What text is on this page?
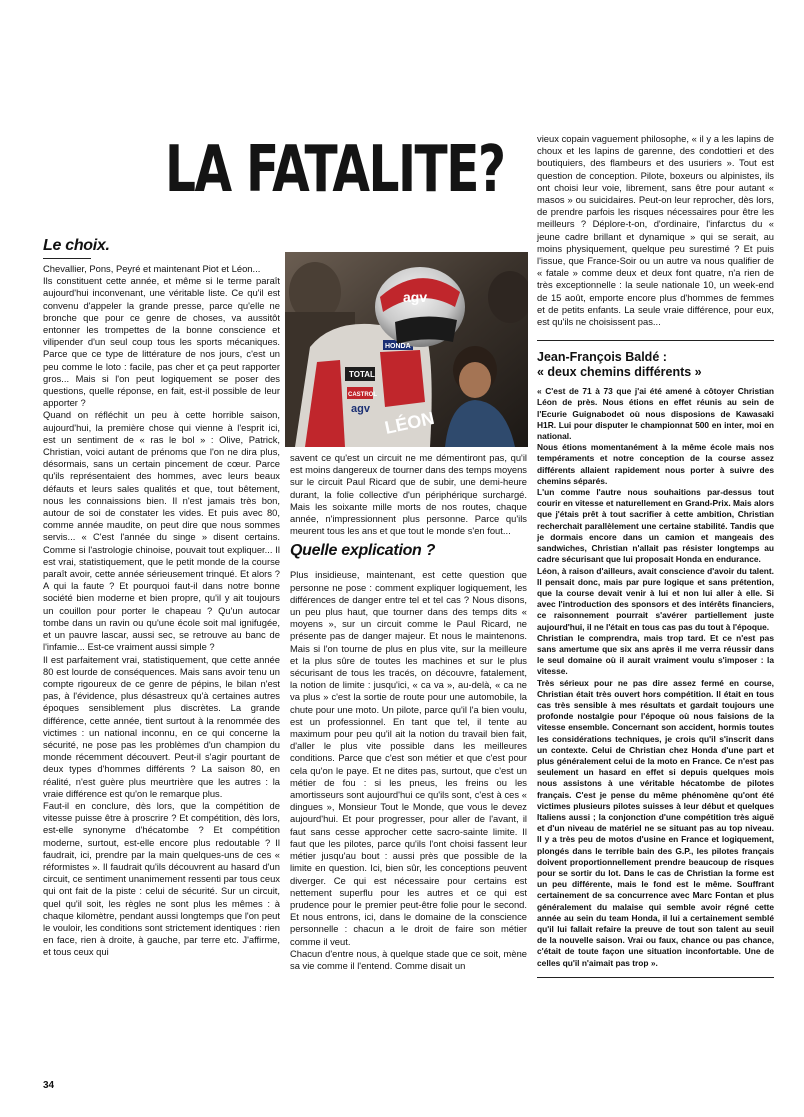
LA FATALITE?
Le choix.

Chevallier, Pons, Peyré et maintenant Piot et Léon...

Ils constituent cette année, et même si le terme paraît aujourd'hui inconvenant, une véritable liste. Ce qu'il est convenu d'appeler la grande presse, parce qu'elle ne bronche que pour ce genre de choses, va aussitôt entonner les trompettes de la bonne conscience et vilipender d'un seul coup tous les sports mécaniques. Parce que ce type de littérature de nos jours, c'est un peu comme le loto : facile, pas cher et ça peut rapporter gros... Mais si l'on peut logiquement se poser des questions, quelle réponse, en fait, est-il possible de leur apporter ?

Quand on réfléchit un peu à cette horrible saison, aujourd'hui, la première chose qui vienne à l'esprit ici, est un sentiment de « ras le bol » : Olive, Patrick, Christian, voici autant de prénoms que l'on ne dira plus, désormais, sans un certain pincement de cœur. Parce qu'ils représentaient des hommes, avec leurs beaux défauts et leurs sales qualités et que, tout bêtement, nous les connaissions bien. Il n'est jamais très bon, autour de soi de constater les vides. Et puis avec 80, comme année maudite, on peut dire que nous sommes servis... « C'est l'année du singe » disent certains. Comme si l'astrologie chinoise, pouvait tout expliquer... Il est vrai, statistiquement, que le petit monde de la course paraît avoir, cette année sérieusement trinqué. Et alors ? A qui la faute ? Et pourquoi faut-il dans notre bonne société bien moderne et bien propre, qu'il y ait toujours un couillon pour porter le chapeau ? Qu'un autocar tombe dans un ravin ou qu'une école soit mal ignifugée, et un pauvre lascar, aussi sec, se retrouve au banc de l'infamie... Est-ce vraiment aussi simple ?

Il est parfaitement vrai, statistiquement, que cette année 80 est lourde de conséquences. Mais sans avoir tenu un compte rigoureux de ce genre de pépins, le bilan n'est pas, à l'évidence, plus désastreux qu'à certaines autres époques sensiblement plus discrètes. La grande différence, cette année, tient surtout à la renommée des victimes : un national inconnu, en ce qui concerne la sécurité, ne pose pas les problèmes d'un champion du monde récemment découvert. Peut-il s'agir pourtant de deux types d'hommes différents ? La saison 80, en réalité, n'est guère plus meurtrière que les autres : la vraie différence est qu'on le remarque plus.

Faut-il en conclure, dès lors, que la compétition de vitesse puisse être à proscrire ? Et compétition, dès lors, est-elle synonyme d'hécatombe ? Et compétition moderne, surtout, est-elle encore plus redoutable ? Il faudrait, ici, prendre par la main quelques-uns de ces « réformistes ». Il faudrait qu'ils découvrent au hasard d'un circuit, ce sentiment unanimement ressenti par tous ceux qui ont fait de la piste : celui de sécurité. Sur un circuit, quel qu'il soit, les règles ne sont plus les mêmes : à chaque kilomètre, pendant aussi longtemps que l'on peut le vouloir, les conditions sont strictement identiques : rien en face, rien à droite, à gauche, par terre etc. J'affirme, et tous ceux qui

agv
TOTAL
HONDA
CASTROL
agv LÉON

savent ce qu'est un circuit ne me démentiront pas, qu'il est moins dangereux de tourner dans des temps moyens sur le circuit Paul Ricard que de subir, une demi-heure durant, la folie collective d'un périphérique surchargé. Mais les soixante mille morts de nos routes, chaque année, n'impressionnent plus personne. Parce qu'ils meurent tous les ans et que tout le monde s'en fout...

Quelle explication ?

Plus insidieuse, maintenant, est cette question que personne ne pose : comment expliquer logiquement, les différences de danger entre tel et tel cas ? Nous disons, un peu plus haut, que tourner dans des temps dits « moyens », sur un circuit comme le Paul Ricard, ne présente pas de danger majeur. Et nous le maintenons. Mais si l'on tourne de plus en plus vite, sur la meilleure et la plus sûre de toutes les machines et sur le plus sécurisant de tous les tracés, on découvre, fatalement, la notion de limite : jusqu'ici, « ca va », au-delà, « ca ne va plus » c'est la sortie de route pour une automobile, la chute pour une moto. Un pilote, parce qu'il l'a bien voulu, est un professionnel. En tant que tel, il tente au maximum pour peu qu'il ait la notion du travail bien fait, d'aller le plus vite possible dans les meilleures conditions. Parce que c'est son métier et que c'est pour cela qu'on le paye. Et ne dites pas, surtout, que c'est un métier de fou : si les pneus, les freins ou les amortisseurs sont aujourd'hui ce qu'ils sont, c'est à ces « dingues », Monsieur Tout le Monde, que vous le devez aujourd'hui. Et pour progresser, pour aller de l'avant, il faut sans cesse approcher cette sacro-sainte limite. Il faut que les pilotes, parce qu'ils l'ont choisi fassent leur métier jusqu'au bout : aussi près que possible de la limite en question. Ici, bien sûr, les conceptions peuvent diverger. Ce qui est nécessaire pour certains est nettement superflu pour les autres et ce qui est prudence pour le premier peut-être folie pour le second. Et nous entrons, ici, dans le domaine de la conscience personnelle : chacun a le droit de faire son métier comme il veut.

Chacun d'entre nous, à quelque stade que ce soit, mène sa vie comme il l'entend. Comme disait un

vieux copain vaguement philosophe, « il y a les lapins de choux et les lapins de garenne, des condottieri et des boutiquiers, des flambeurs et des usuriers ». Tout est question de conception. Pilote, boxeurs ou alpinistes, ils ont choisi leur voie, librement, sans être pour autant « masos » ou suicidaires. Peut-on leur reprocher, dès lors, de prendre parfois les risques nécessaires pour être les meilleurs ? Déplore-t-on, d'ordinaire, l'infarctus du « jeune cadre brillant et dynamique » qui se serait, au moins physiquement, quelque peu surestimé ? Et puis l'issue, que France-Soir ou un autre va nous qualifier de « fatale » comme deux et deux font quatre, n'a rien de très exceptionnelle : la seule nationale 10, un week-end de 15 août, emporte encore plus d'hommes de femmes et de petits enfants. La seule vraie différence, pour eux, est qu'ils ne choisissent pas...

Jean-François Baldé :
« deux chemins différents »

« C'est de 71 à 73 que j'ai été amené à côtoyer Christian Léon de près. Nous étions en effet réunis au sein de l'Ecurie Guignabodet où nous disposions de Kawasaki H1R. Lui pour disputer le championnat 500 en inter, moi en national.

Nous étions momentanément à la même école mais nos tempéraments et notre conception de la course assez différents allaient rapidement nous porter à suivre des chemins séparés.

L'un comme l'autre nous souhaitions par-dessus tout courir en vitesse et naturellement en Grand-Prix. Mais alors que j'étais prêt à tout sacrifier à cette ambition, Christian recherchait parallèlement une certaine stabilité. Tandis que je dormais encore dans un camion et mangeais des sandwiches, Christian n'allait pas résister longtemps au cadre sécurisant que lui proposait Honda en endurance.

Léon, à raison d'ailleurs, avait conscience d'avoir du talent. Il pensait donc, mais par pure logique et sans prétention, que la course devait venir à lui et non lui aller à elle. Si avec l'introduction des sponsors et des intérêts financiers, ce raisonnement pourrait s'avérer partiellement juste aujourd'hui, il ne l'était en tous cas pas du tout à l'époque.

Christian le comprendra, mais trop tard. Et ce n'est pas sans amertume que six ans après il me verra réussir dans le seul domaine où il aurait vraiment voulu s'imposer : la vitesse.

Très sérieux pour ne pas dire assez fermé en course, Christian était très ouvert hors compétition. Il était en tous cas très sensible à mes résultats et gardait toujours une profonde nostalgie pour l'époque où nous faisions de la vitesse ensemble. Concernant son accident, hormis toutes les considérations techniques, je crois qu'il s'inscrit dans un contexte. Celui de Christian chez Honda d'une part et plus généralement celui de la moto en France. Ce n'est pas seulement un hasard en effet si depuis quelques mois nous assistons à une véritable hécatombe de pilotes français. C'est je pense du même phénomène qu'ont été victimes plusieurs pilotes suisses à leur début et quelques Italiens aussi ; la conjonction d'une compétition très aiguë et d'un niveau de matériel ne se situant pas au top niveau. Il y a très peu de motos d'usine en France et logiquement, plongés dans le terrible bain des G.P., les pilotes français doivent proportionnellement prendre beaucoup de risques pour se sortir du lot. Dans le cas de Christian la forme est un peu différente, mais le fond est le même. Souffrant certainement de sa concurrence avec Marc Fontan et plus généralement du malaise qui semble avoir régné cette année au sein du team Honda, il lui a certainement semblé qu'il lui fallait refaire la preuve de tout son talent au seuil de la nouvelle saison. Vrai ou faux, chance ou pas chance, c'était de toute façon une situation inconfortable. Une de celles qu'il n'aimait pas trop ».

34
